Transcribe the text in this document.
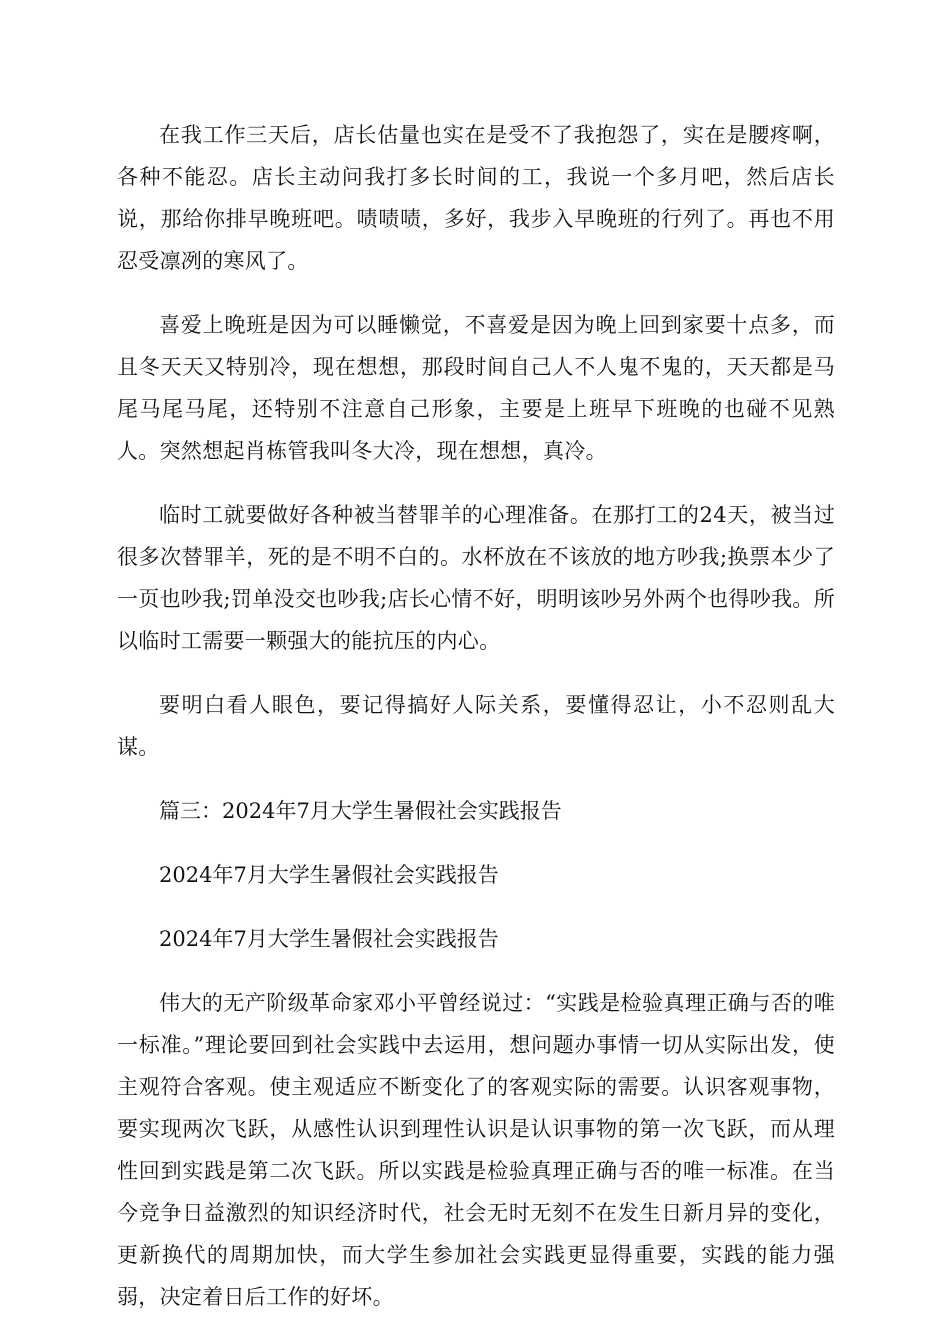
在我工作三天后，店长估量也实在是受不了我抱怨了，实在是腰疼啊，各种不能忍。店长主动问我打多长时间的工，我说一个多月吧，然后店长说，那给你排早晚班吧。啧啧啧，多好，我步入早晚班的行列了。再也不用忍受凛冽的寒风了。

喜爱上晚班是因为可以睡懒觉，不喜爱是因为晚上回到家要十点多，而且冬天天又特别冷，现在想想，那段时间自己人不人鬼不鬼的，天天都是马尾马尾马尾，还特别不注意自己形象，主要是上班早下班晚的也碰不见熟人。突然想起肖栋管我叫冬大冷，现在想想，真冷。

临时工就要做好各种被当替罪羊的心理准备。在那打工的24天，被当过很多次替罪羊，死的是不明不白的。水杯放在不该放的地方吵我;换票本少了一页也吵我;罚单没交也吵我;店长心情不好，明明该吵另外两个也得吵我。所以临时工需要一颗强大的能抗压的内心。

要明白看人眼色，要记得搞好人际关系，要懂得忍让，小不忍则乱大谋。

篇三：2024年7月大学生暑假社会实践报告

2024年7月大学生暑假社会实践报告

2024年7月大学生暑假社会实践报告

伟大的无产阶级革命家邓小平曾经说过：“实践是检验真理正确与否的唯一标准。”理论要回到社会实践中去运用，想问题办事情一切从实际出发，使主观符合客观。使主观适应不断变化了的客观实际的需要。认识客观事物，要实现两次飞跃，从感性认识到理性认识是认识事物的第一次飞跃，而从理性回到实践是第二次飞跃。所以实践是检验真理正确与否的唯一标准。在当今竞争日益激烈的知识经济时代，社会无时无刻不在发生日新月异的变化，更新换代的周期加快，而大学生参加社会实践更显得重要，实践的能力强弱，决定着日后工作的好坏。
